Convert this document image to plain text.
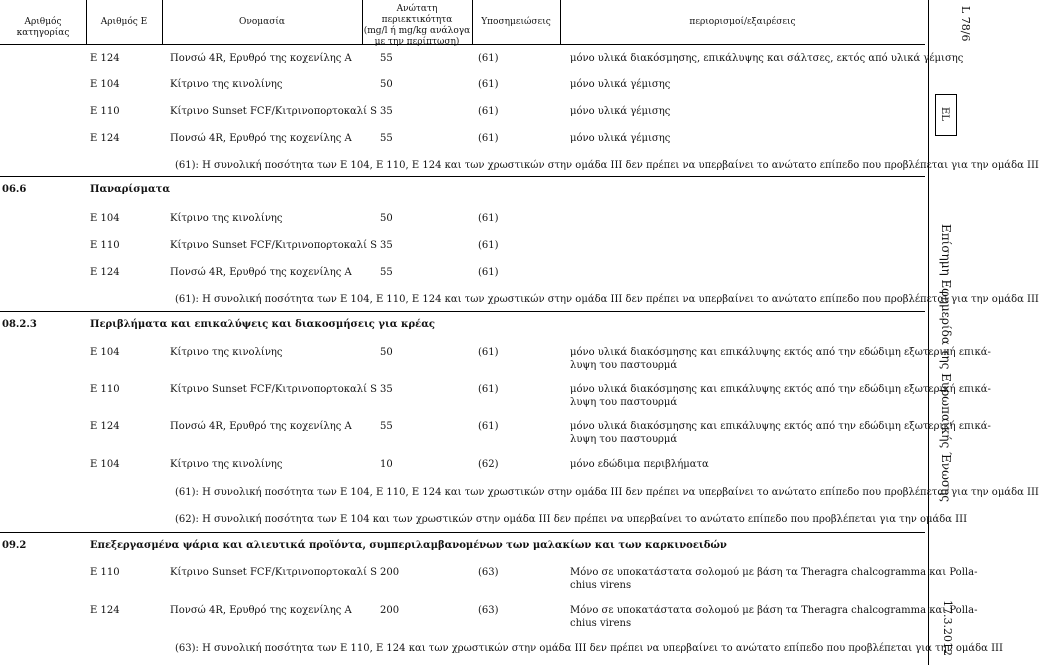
Αριθμός κατηγορίας
Αριθμός Ε	Ονομασία
Ανώτατη περιεκτικότητα
(mg/l ή mg/kg ανάλογα
με την περίπτωση)
Υποσημειώσεις	περιορισμοί/εξαιρέσεις	L 78/6
EL
Επίσημη Εφημερίδα της Ευρωπαϊκής Ένωσης
17.3.2012
E 124	Πονσώ 4R, Ερυθρό της κοχενίλης Α	55	(61)	μόνο υλικά διακόσμησης, επικάλυψης και σάλτσες, εκτός από υλικά γέμισης
E 104	Κίτρινο της κινολίνης	50	(61)	μόνο υλικά γέμισης
E 110	Κίτρινο Sunset FCF/Κιτρινοπορτοκαλί S 35	(61)	μόνο υλικά γέμισης
E 124	Πονσώ 4R, Ερυθρό της κοχενίλης Α	55	(61)	μόνο υλικά γέμισης
(61): Η συνολική ποσότητα των E 104, E 110, E 124 και των χρωστικών στην ομάδα III δεν πρέπει να υπερβαίνει το ανώτατο επίπεδο που προβλέπεται για την ομάδα III
06.6	Παναρίσματα
E 104	Κίτρινο της κινολίνης	50	(61)
E 110	Κίτρινο Sunset FCF/Κιτρινοπορτοκαλί S 35	(61)
E 124	Πονσώ 4R, Ερυθρό της κοχενίλης Α	55	(61)
(61): Η συνολική ποσότητα των E 104, E 110, E 124 και των χρωστικών στην ομάδα III δεν πρέπει να υπερβαίνει το ανώτατο επίπεδο που προβλέπεται για την ομάδα III
08.2.3	Περιβλήματα και επικαλύψεις και διακοσμήσεις για κρέας
E 104	Κίτρινο της κινολίνης	50	(61)	μόνο υλικά διακόσμησης και επικάλυψης εκτός από την εδώδιμη εξωτερική επικά-
λυψη του παστουρμά
E 110	Κίτρινο Sunset FCF/Κιτρινοπορτοκαλί S 35	(61)	μόνο υλικά διακόσμησης και επικάλυψης εκτός από την εδώδιμη εξωτερική επικά-
λυψη του παστουρμά
E 124	Πονσώ 4R, Ερυθρό της κοχενίλης Α	55	(61)	μόνο υλικά διακόσμησης και επικάλυψης εκτός από την εδώδιμη εξωτερική επικά-
λυψη του παστουρμά
E 104	Κίτρινο της κινολίνης	10	(62)	μόνο εδώδιμα περιβλήματα
(61): Η συνολική ποσότητα των E 104, E 110, E 124 και των χρωστικών στην ομάδα III δεν πρέπει να υπερβαίνει το ανώτατο επίπεδο που προβλέπεται για την ομάδα III
(62): Η συνολική ποσότητα των E 104 και των χρωστικών στην ομάδα III δεν πρέπει να υπερβαίνει το ανώτατο επίπεδο που προβλέπεται για την ομάδα III
09.2	Επεξεργασμένα ψάρια και αλιευτικά προϊόντα, συμπεριλαμβανομένων των μαλακίων και των καρκινοειδών
E 110	Κίτρινο Sunset FCF/Κιτρινοπορτοκαλί S 200	(63)	Μόνο σε υποκατάστατα σολομού με βάση τα Theragra chalcogramma και Polla-
chius virens
E 124	Πονσώ 4R, Ερυθρό της κοχενίλης Α	200	(63)	Μόνο σε υποκατάστατα σολομού με βάση τα Theragra chalcogramma και Polla-
chius virens
(63): Η συνολική ποσότητα των E 110, E 124 και των χρωστικών στην ομάδα III δεν πρέπει να υπερβαίνει το ανώτατο επίπεδο που προβλέπεται για την ομάδα III
